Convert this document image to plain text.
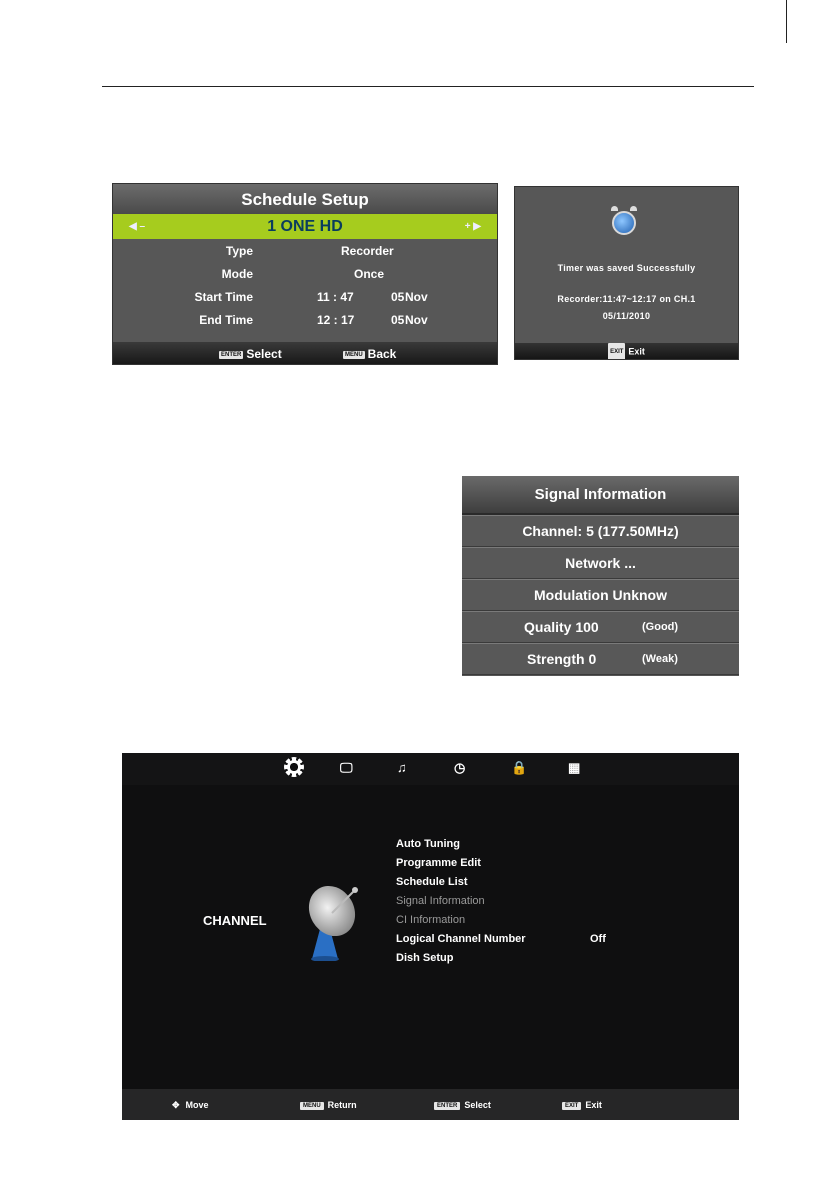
Schedule Setup
◀ –	1 ONE HD	+ ▶
Type	Recorder
Mode	Once
Start Time	11 : 47	05 Nov
End Time	12 : 17	05 Nov
ENTER Select	MENU Back
Timer was saved Successfully
Recorder:11:47~12:17 on CH.1
05/11/2010
EXIT Exit
Signal Information
Channel: 5 (177.50MHz)
Network ...
Modulation Unknow
Quality 100	(Good)
Strength 0	(Weak)
🖵	♫	◷	🔒	▦
CHANNEL
Auto Tuning
Programme Edit
Schedule List
Signal Information
CI Information
Logical Channel Number	Off
Dish Setup
✥ Move	MENU Return	ENTER Select	EXIT Exit
